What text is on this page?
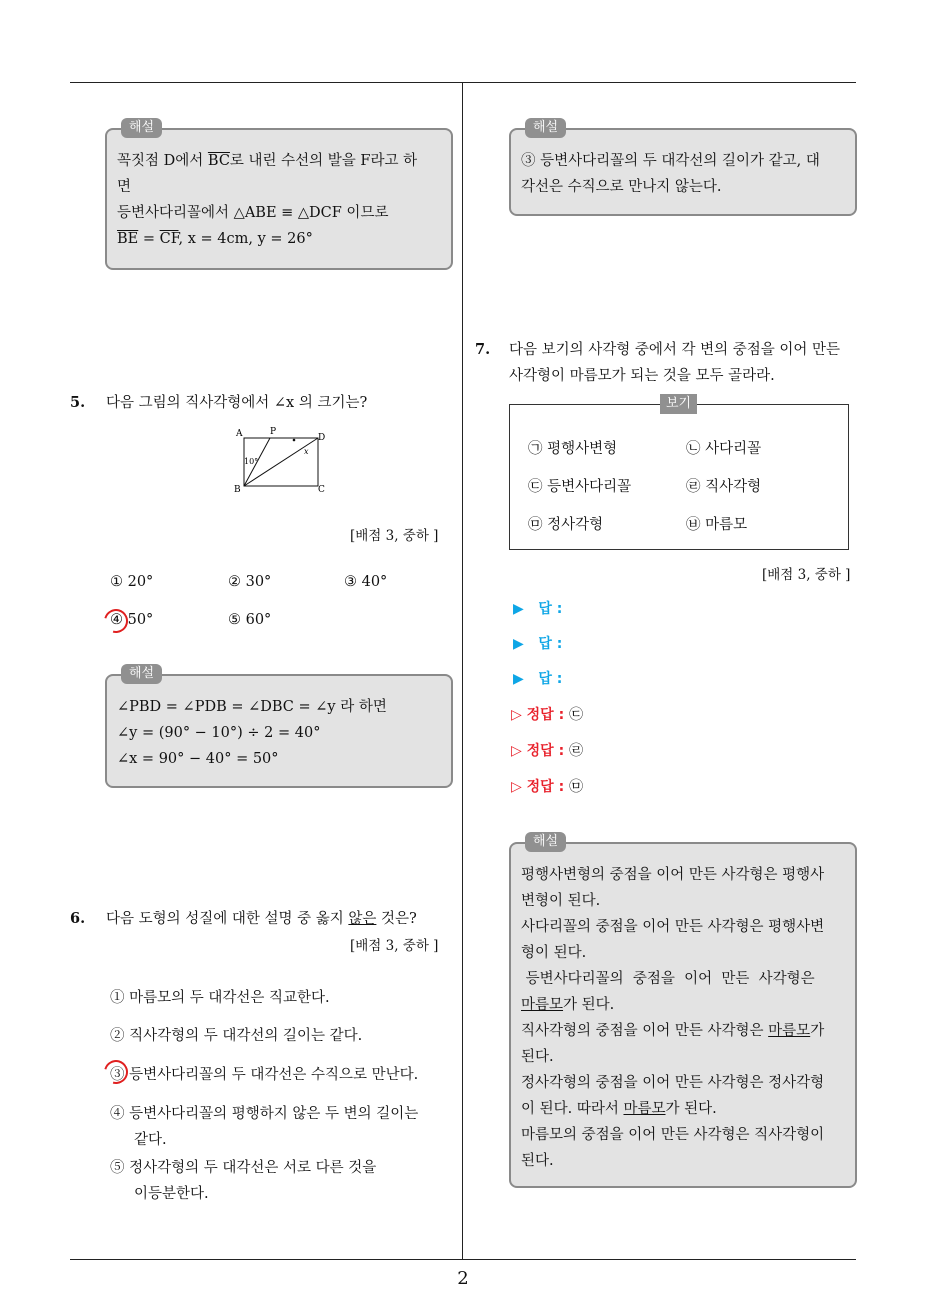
2
해설
꼭짓점 D에서 $\overline{BC}$로 내린 수선의 발을 F라고 하
면
등변사다리꼴에서 △ABE ≡ △DCF 이므로
$\overline{BE} = \overline{CF}$, x = 4cm, y = 26°
5. 다음 그림의 직사각형에서 ∠x 의 크기는?
A	P
D
B	C
10°
x
[배점 3, 중하 ]
① 20°	② 30°	③ 40°
④ 50°	⑤ 60°
해설
∠PBD = ∠PDB = ∠DBC = ∠y 라 하면
∠y = (90° − 10°) ÷ 2 = 40°
∠x = 90° − 40° = 50°
6. 다음 도형의 성질에 대한 설명 중 옳지 않은 것은?
[배점 3, 중하 ]
① 마름모의 두 대각선은 직교한다.
② 직사각형의 두 대각선의 길이는 같다.
③ 등변사다리꼴의 두 대각선은 수직으로 만난다.
④ 등변사다리꼴의 평행하지 않은 두 변의 길이는
같다.
⑤ 정사각형의 두 대각선은 서로 다른 것을
이등분한다.
해설
③ 등변사다리꼴의 두 대각선의 길이가 같고, 대
각선은 수직으로 만나지 않는다.
7. 다음 보기의 사각형 중에서 각 변의 중점을 이어 만든
사각형이 마름모가 되는 것을 모두 골라라.
보기
㉠ 평행사변형	㉡ 사다리꼴
㉢ 등변사다리꼴	㉣ 직사각형
㉤ 정사각형	㉥ 마름모
[배점 3, 중하 ]
▶ 답 :
▶ 답 :
▶ 답 :
▷ 정답 : ㉢
▷ 정답 : ㉣
▷ 정답 : ㉤
해설
평행사변형의 중점을 이어 만든 사각형은 평행사
변형이 된다.
사다리꼴의 중점을 이어 만든 사각형은 평행사변
형이 된다.
등변사다리꼴의  중점을  이어  만든  사각형은
마름모가 된다.
직사각형의 중점을 이어 만든 사각형은 마름모가
된다.
정사각형의 중점을 이어 만든 사각형은 정사각형
이 된다. 따라서 마름모가 된다.
마름모의 중점을 이어 만든 사각형은 직사각형이
된다.
